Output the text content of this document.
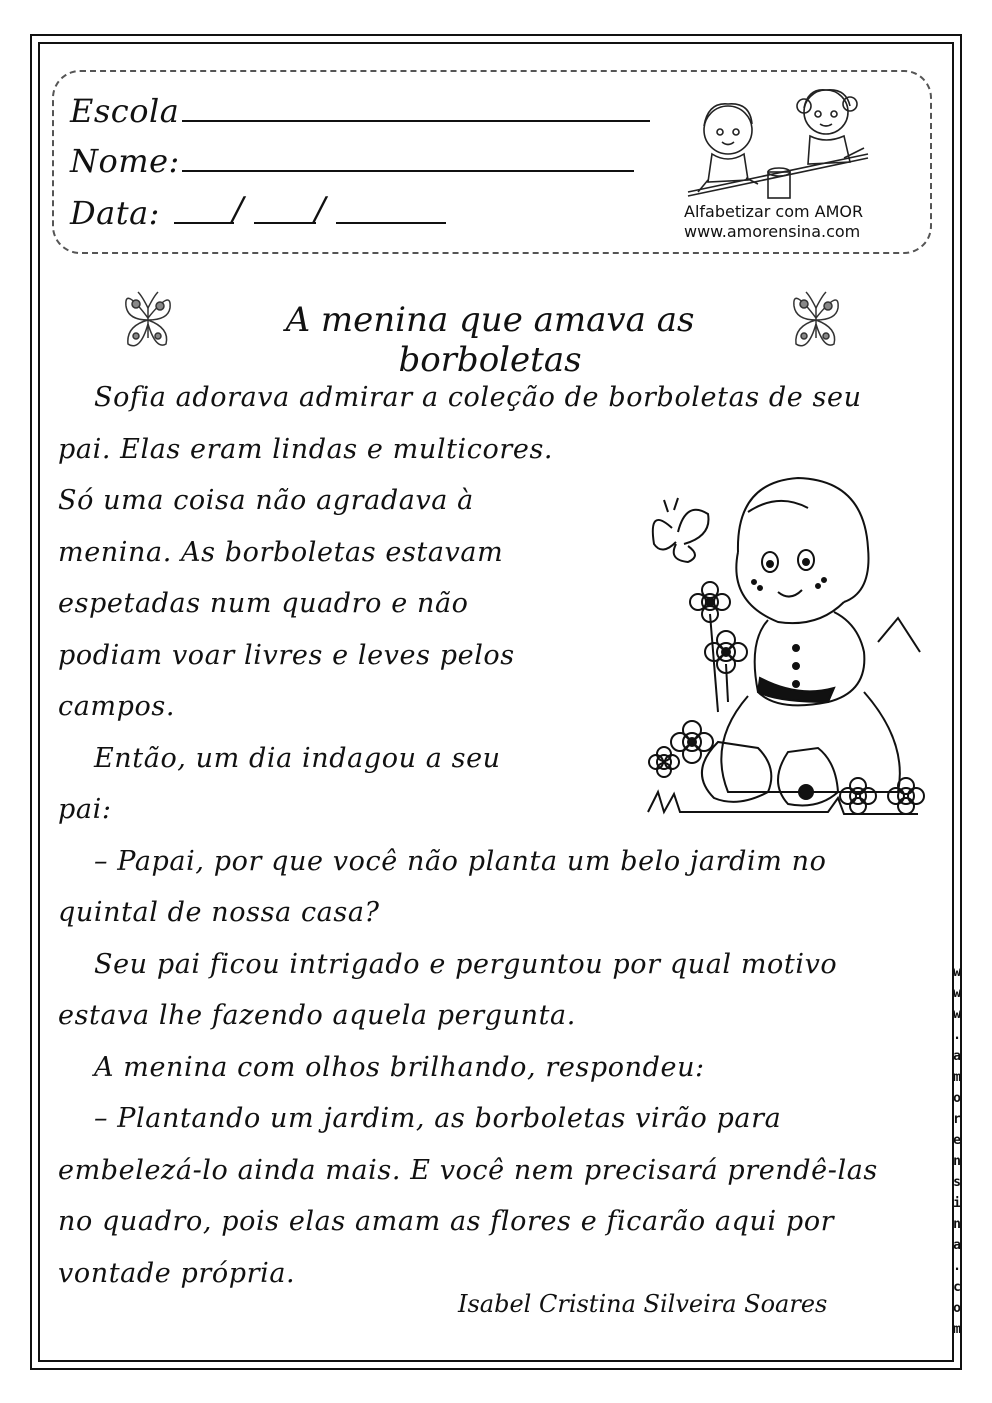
Escola
Nome:
Data: / /	Alfabetizar com AMOR
www.amorensina.com
A menina que amava as borboletas
Sofia adorava admirar a coleção de borboletas de seu
pai. Elas eram lindas e multicores.
Só uma coisa não agradava à
menina. As borboletas estavam
espetadas num quadro e não
podiam voar livres e leves pelos
campos.
Então, um dia indagou a seu
pai:
– Papai, por que você não planta um belo jardim no
quintal de nossa casa?
Seu pai ficou intrigado e perguntou por qual motivo
estava lhe fazendo aquela pergunta.
A menina com olhos brilhando, respondeu:
– Plantando um jardim, as borboletas virão para
embelezá-lo ainda mais. E você nem precisará prendê-las
no quadro, pois elas amam as flores e ficarão aqui por
vontade própria.
Isabel Cristina Silveira Soares
w
w
w
.
a
m
o
r
e
n
s
i
n
a
.
c
o
m
